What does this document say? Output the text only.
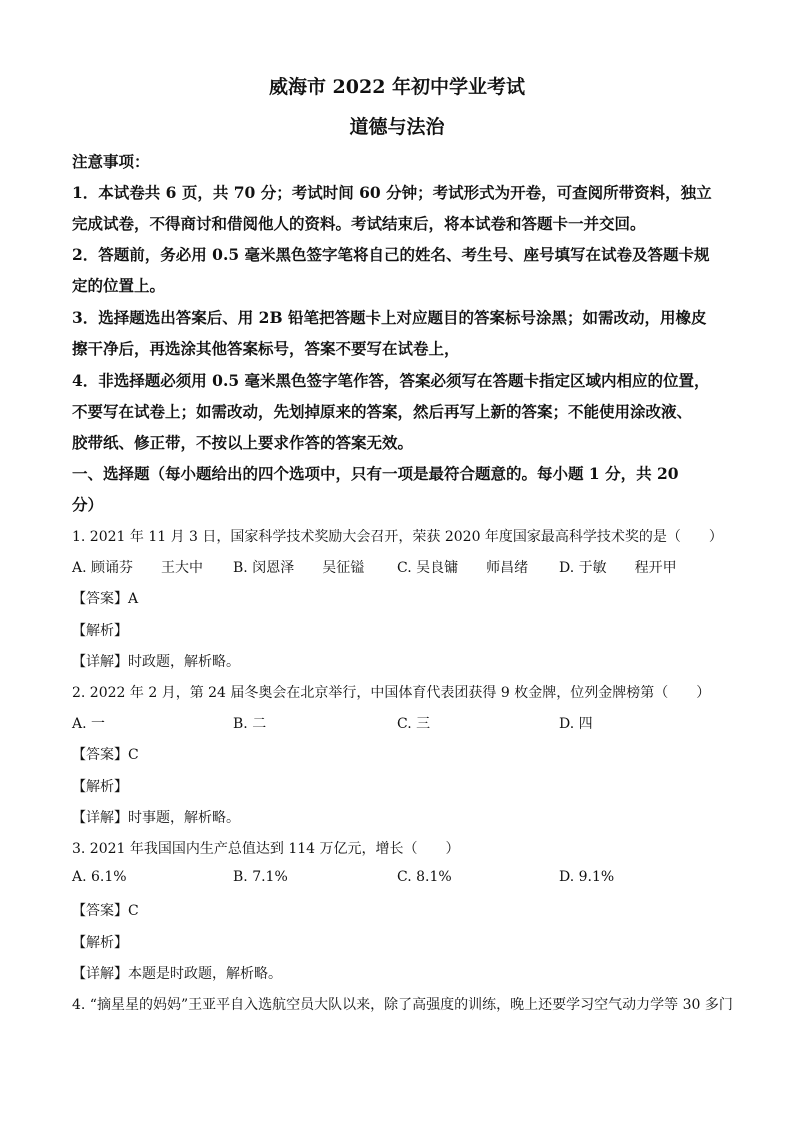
威海市 2022 年初中学业考试
道德与法治
注意事项：
1．本试卷共 6 页，共 70 分；考试时间 60 分钟；考试形式为开卷，可查阅所带资料，独立
完成试卷，不得商讨和借阅他人的资料。考试结束后，将本试卷和答题卡一并交回。
2．答题前，务必用 0.5 毫米黑色签字笔将自己的姓名、考生号、座号填写在试卷及答题卡规
定的位置上。
3．选择题选出答案后、用 2B 铅笔把答题卡上对应题目的答案标号涂黑；如需改动，用橡皮
擦干净后，再选涂其他答案标号，答案不要写在试卷上，
4．非选择题必须用 0.5 毫米黑色签字笔作答，答案必须写在答题卡指定区域内相应的位置，
不要写在试卷上；如需改动，先划掉原来的答案，然后再写上新的答案；不能使用涂改液、
胶带纸、修正带，不按以上要求作答的答案无效。
一、选择题（每小题给出的四个选项中，只有一项是最符合题意的。每小题 1 分，共 20
分）
1. 2021 年 11 月 3 日，国家科学技术奖励大会召开，荣获 2020 年度国家最高科学技术奖的是（　　）
A. 顾诵芬　　王大中 B. 闵恩泽　　吴征镒 C. 吴良镛　　师昌绪 D. 于敏　　程开甲
【答案】A
【解析】
【详解】时政题，解析略。
2. 2022 年 2 月，第 24 届冬奥会在北京举行，中国体育代表团获得 9 枚金牌，位列金牌榜第（　　）
A. 一	B. 二	C. 三	D. 四
【答案】C
【解析】
【详解】时事题，解析略。
3. 2021 年我国国内生产总值达到 114 万亿元，增长（　　）
A. 6.1%	B. 7.1%	C. 8.1%	D. 9.1%
【答案】C
【解析】
【详解】本题是时政题，解析略。
4. “摘星星的妈妈”王亚平自入选航空员大队以来，除了高强度的训练，晚上还要学习空气动力学等 30 多门
